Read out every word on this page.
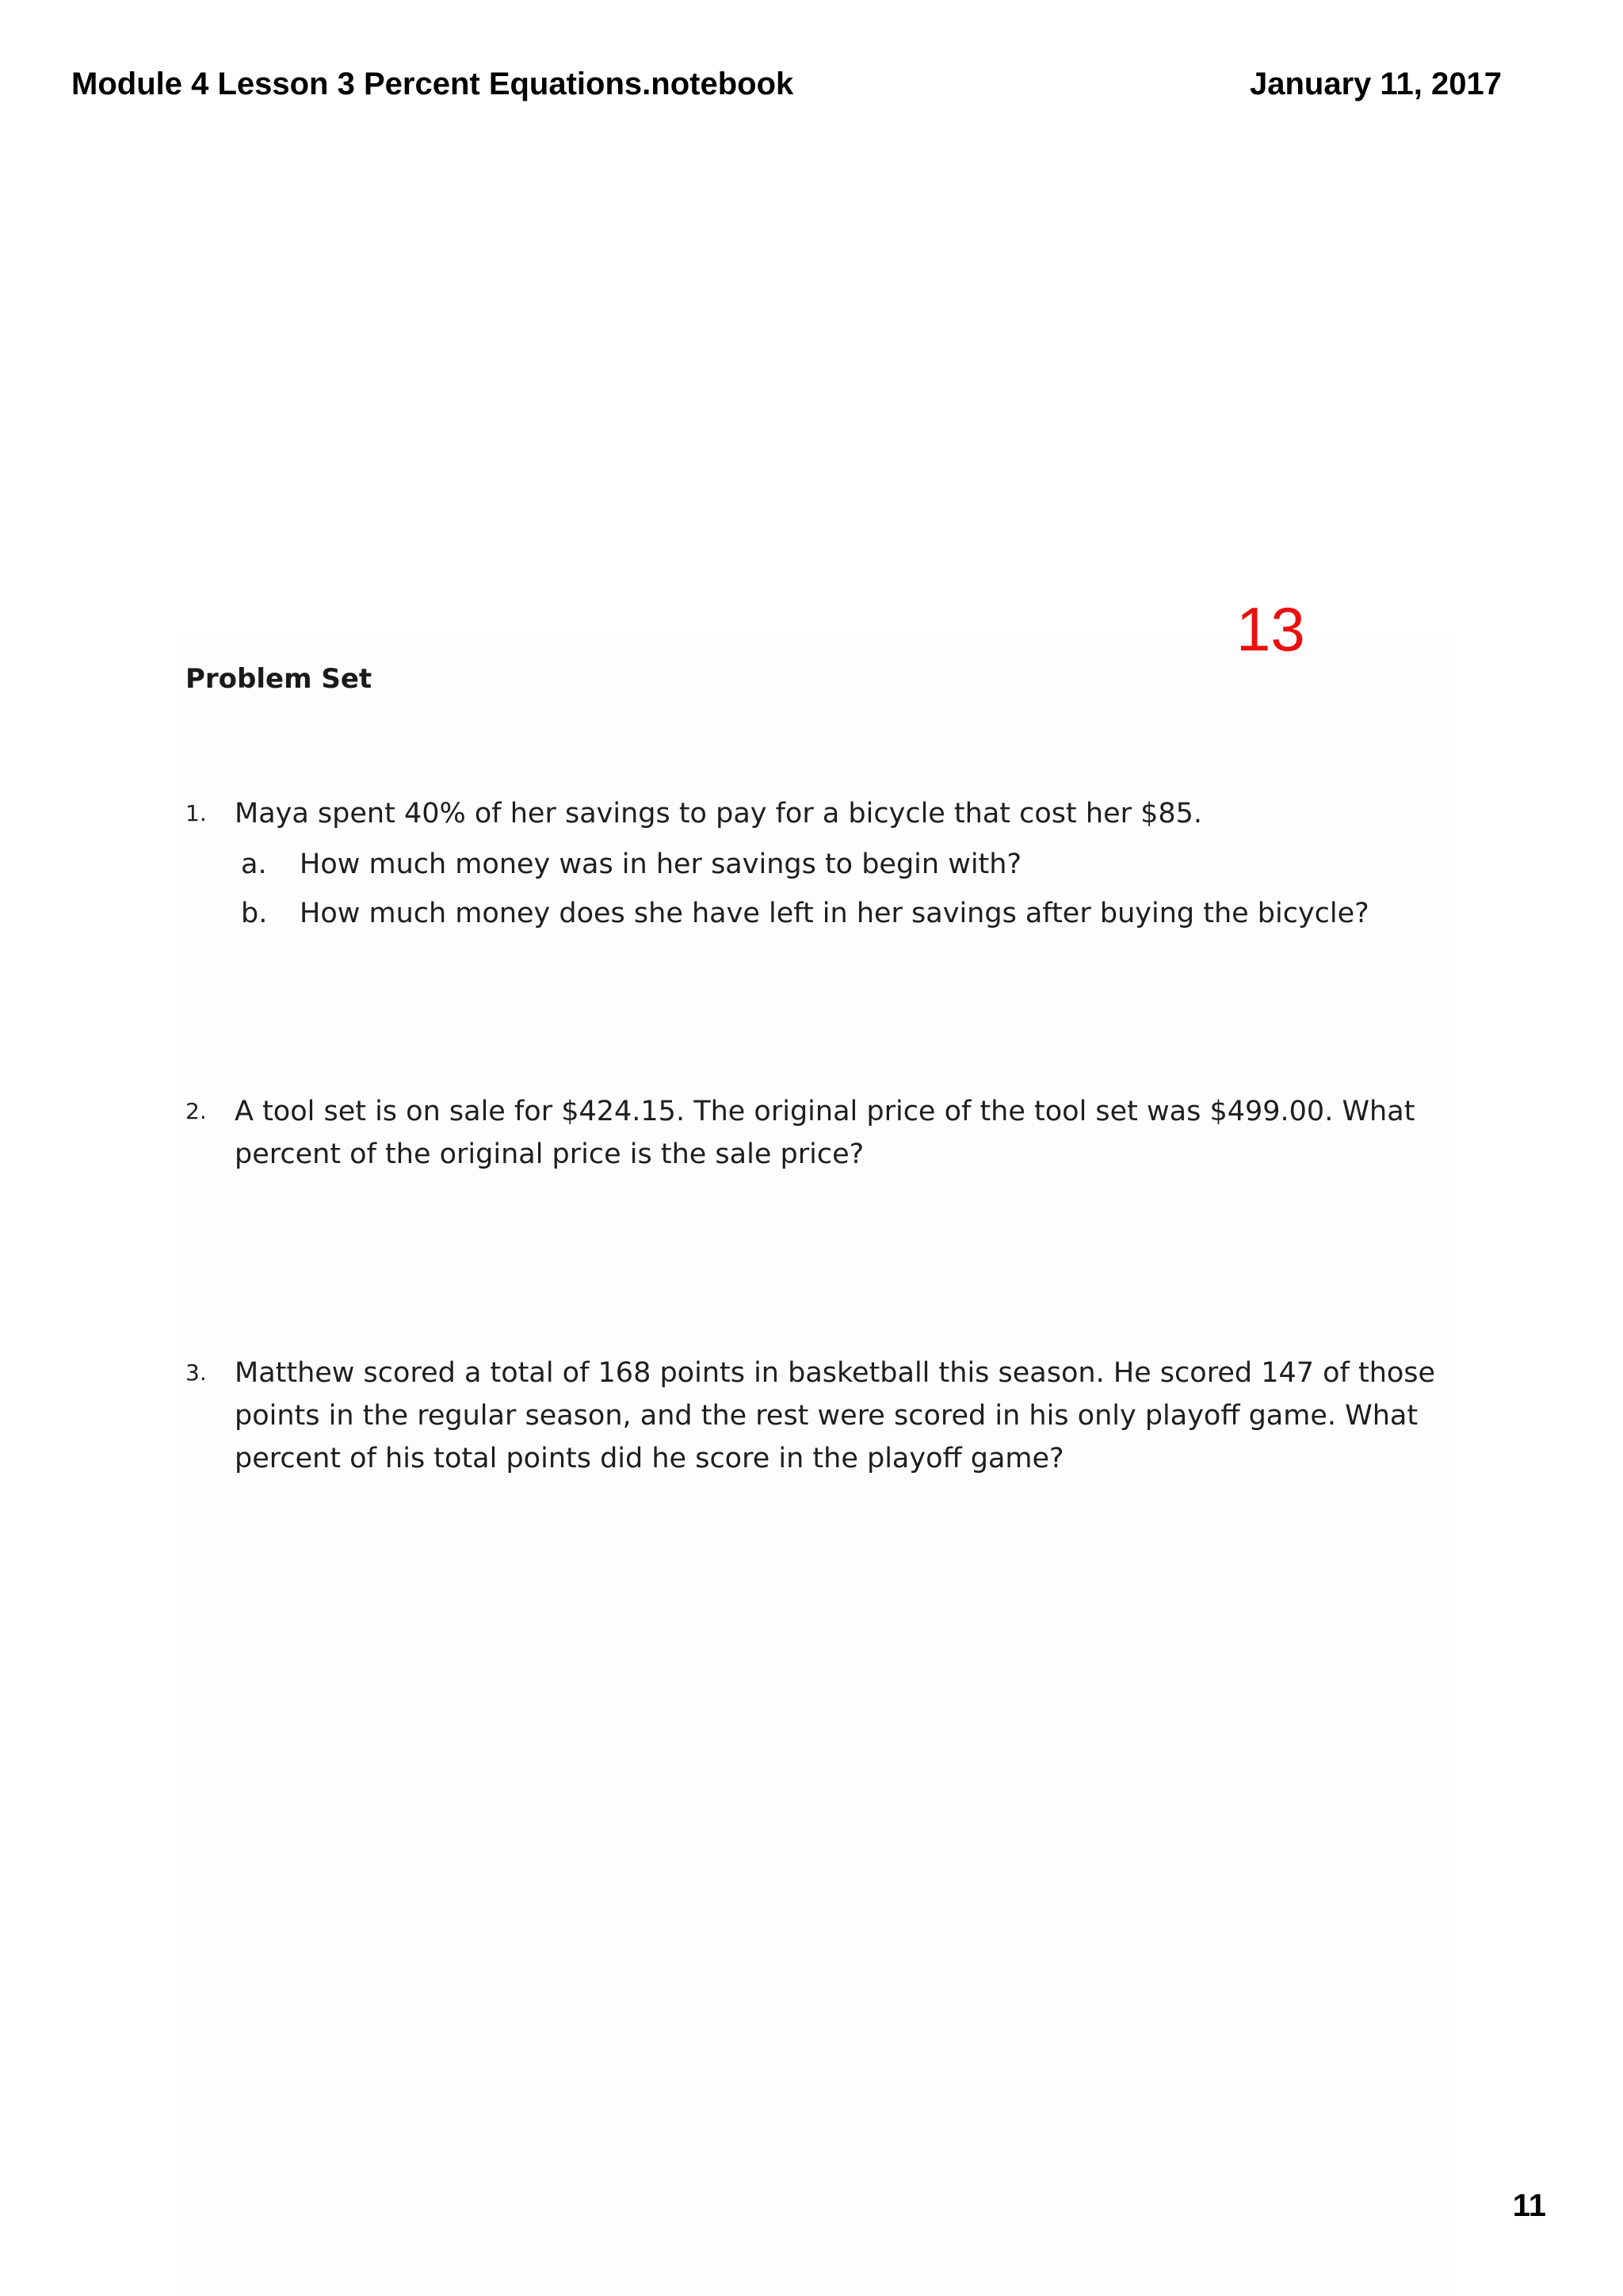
Module 4 Lesson 3 Percent Equations.notebook	January 11, 2017
13
Problem Set
1. Maya spent 40% of her savings to pay for a bicycle that cost her $85.
a. How much money was in her savings to begin with?
b. How much money does she have left in her savings after buying the bicycle?
2. A tool set is on sale for $424.15. The original price of the tool set was $499.00. What
percent of the original price is the sale price?
3. Matthew scored a total of 168 points in basketball this season. He scored 147 of those
points in the regular season, and the rest were scored in his only playoff game. What
percent of his total points did he score in the playoff game?
11
